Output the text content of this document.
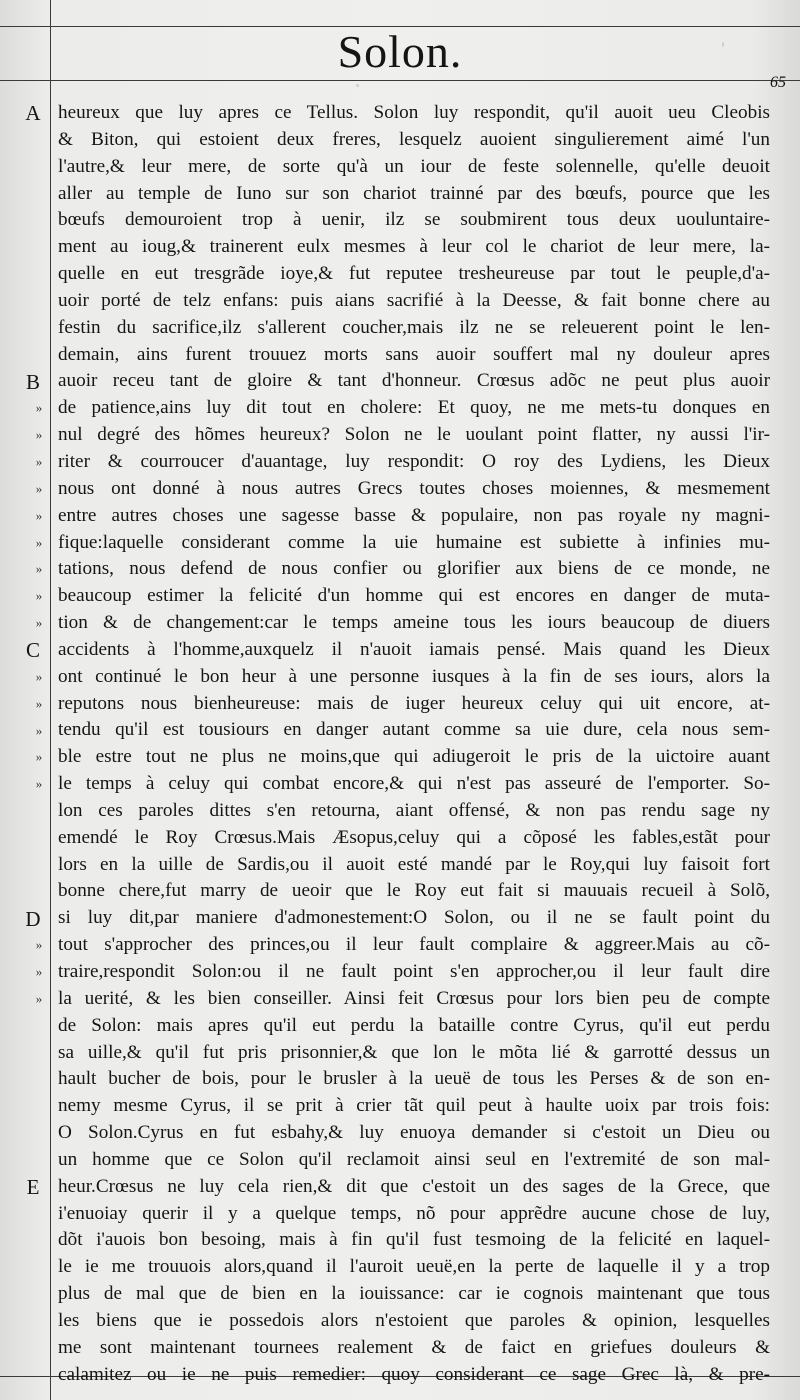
Solon.
65
A
B
C
D
E
»
»
»
»
»
»
»
»
»
»
»
»
»
»
»
»
»
heureux que luy apres ce Tellus. Solon luy respondit, qu'il auoit ueu Cleobis
& Biton, qui estoient deux freres, lesquelz auoient singulierement aimé l'un
l'autre,& leur mere, de sorte qu'à un iour de feste solennelle, qu'elle deuoit
aller au temple de Iuno sur son chariot trainné par des bœufs, pource que les
bœufs demouroient trop à uenir, ilz se soubmirent tous deux uouluntaire-
ment au ioug,& trainerent eulx mesmes à leur col le chariot de leur mere, la-
quelle en eut tresgrãde ioye,& fut reputee tresheureuse par tout le peuple,d'a-
uoir porté de telz enfans: puis aians sacrifié à la Deesse, & fait bonne chere au
festin du sacrifice,ilz s'allerent coucher,mais ilz ne se releuerent point le len-
demain, ains furent trouuez morts sans auoir souffert mal ny douleur apres
auoir receu tant de gloire & tant d'honneur. Crœsus adõc ne peut plus auoir
de patience,ains luy dit tout en cholere: Et quoy, ne me mets-tu donques en
nul degré des hõmes heureux? Solon ne le uoulant point flatter, ny aussi l'ir-
riter & courroucer d'auantage, luy respondit: O roy des Lydiens, les Dieux
nous ont donné à nous autres Grecs toutes choses moiennes, & mesmement
entre autres choses une sagesse basse & populaire, non pas royale ny magni-
fique:laquelle considerant comme la uie humaine est subiette à infinies mu-
tations, nous defend de nous confier ou glorifier aux biens de ce monde, ne
beaucoup estimer la felicité d'un homme qui est encores en danger de muta-
tion & de changement:car le temps ameine tous les iours beaucoup de diuers
accidents à l'homme,auxquelz il n'auoit iamais pensé. Mais quand les Dieux
ont continué le bon heur à une personne iusques à la fin de ses iours, alors la
reputons nous bienheureuse: mais de iuger heureux celuy qui uit encore, at-
tendu qu'il est tousiours en danger autant comme sa uie dure, cela nous sem-
ble estre tout ne plus ne moins,que qui adiugeroit le pris de la uictoire auant
le temps à celuy qui combat encore,& qui n'est pas asseuré de l'emporter. So-
lon ces paroles dittes s'en retourna, aiant offensé, & non pas rendu sage ny
emendé le Roy Crœsus.Mais Æsopus,celuy qui a cõposé les fables,estãt pour
lors en la uille de Sardis,ou il auoit esté mandé par le Roy,qui luy faisoit fort
bonne chere,fut marry de ueoir que le Roy eut fait si mauuais recueil à Solõ,
si luy dit,par maniere d'admonestement:O Solon, ou il ne se fault point du
tout s'approcher des princes,ou il leur fault complaire & aggreer.Mais au cõ-
traire,respondit Solon:ou il ne fault point s'en approcher,ou il leur fault dire
la uerité, & les bien conseiller. Ainsi feit Crœsus pour lors bien peu de compte
de Solon: mais apres qu'il eut perdu la bataille contre Cyrus, qu'il eut perdu
sa uille,& qu'il fut pris prisonnier,& que lon le mõta lié & garrotté dessus un
hault bucher de bois, pour le brusler à la ueuë de tous les Perses & de son en-
nemy mesme Cyrus, il se prit à crier tãt quil peut à haulte uoix par trois fois:
O Solon.Cyrus en fut esbahy,& luy enuoya demander si c'estoit un Dieu ou
un homme que ce Solon qu'il reclamoit ainsi seul en l'extremité de son mal-
heur.Crœsus ne luy cela rien,& dit que c'estoit un des sages de la Grece, que
i'enuoiay querir il y a quelque temps, nõ pour apprẽdre aucune chose de luy,
dõt i'auois bon besoing, mais à fin qu'il fust tesmoing de la felicité en laquel-
le ie me trouuois alors,quand il l'auroit ueuë,en la perte de laquelle il y a trop
plus de mal que de bien en la iouissance: car ie cognois maintenant que tous
les biens que ie possedois alors n'estoient que paroles & opinion, lesquelles
me sont maintenant tournees realement & de faict en griefues douleurs &
calamitez ou ie ne puis remedier: quoy considerant ce sage Grec là, & pre-
